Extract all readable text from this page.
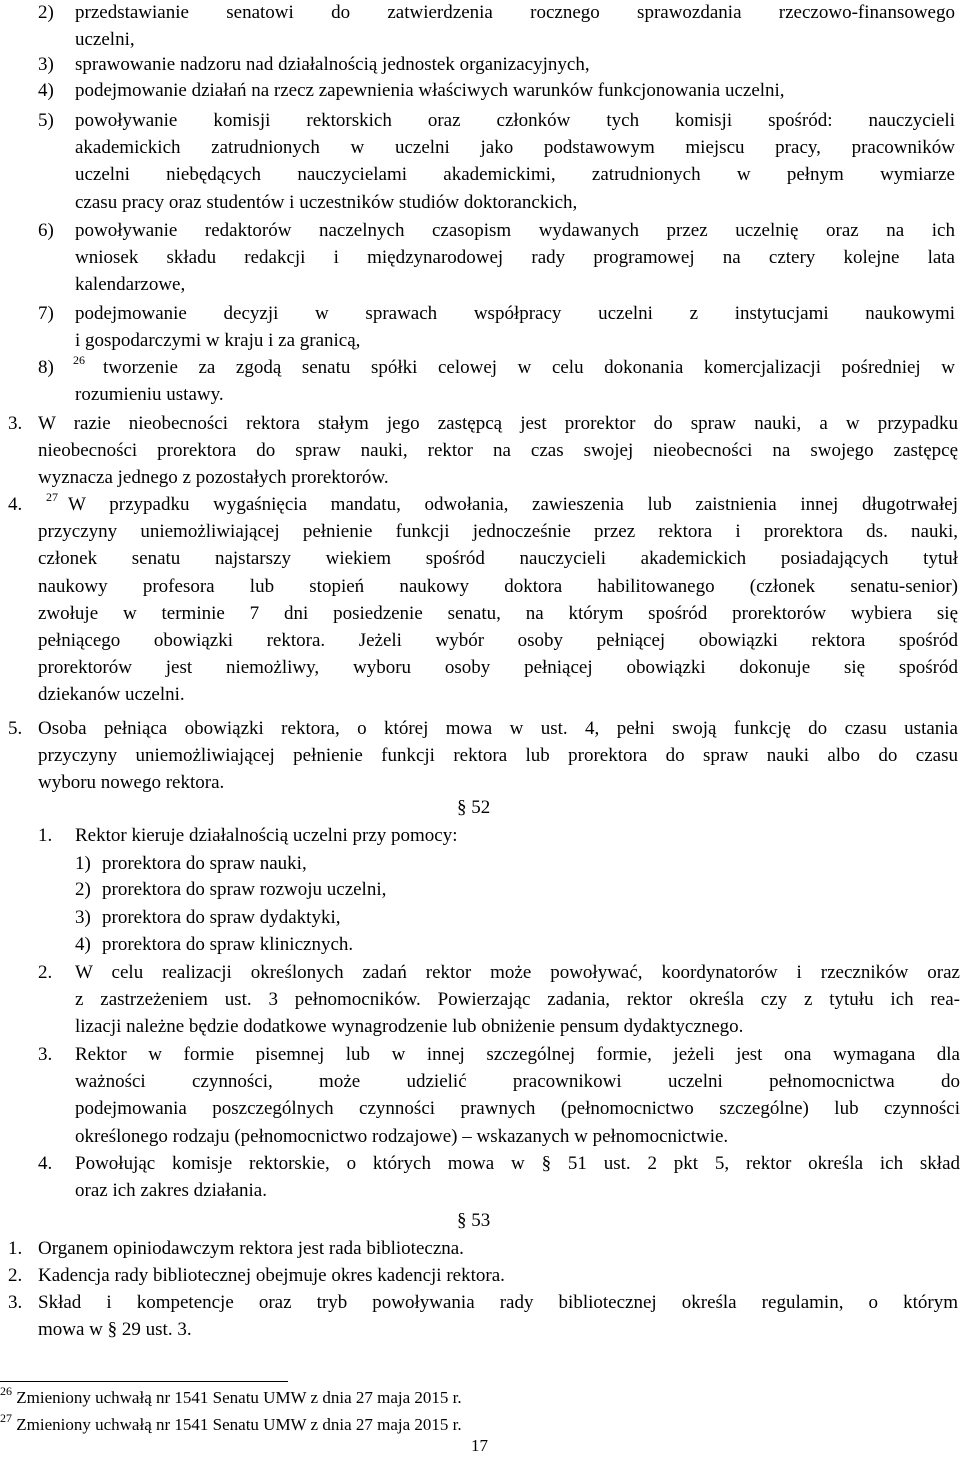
2) przedstawianie senatowi do zatwierdzenia rocznego sprawozdania rzeczowo-finansowego
uczelni,
3) sprawowanie nadzoru nad działalnością jednostek organizacyjnych,
4) podejmowanie działań na rzecz zapewnienia właściwych warunków funkcjonowania uczelni,
5) powoływanie komisji rektorskich oraz członków tych komisji spośród: nauczycieli
akademickich zatrudnionych w uczelni jako podstawowym miejscu pracy, pracowników
uczelni niebędących nauczycielami akademickimi, zatrudnionych w pełnym wymiarze
czasu pracy oraz studentów i uczestników studiów doktoranckich,
6) powoływanie redaktorów naczelnych czasopism wydawanych przez uczelnię oraz na ich
wniosek składu redakcji i międzynarodowej rady programowej na cztery kolejne lata
kalendarzowe,
7) podejmowanie decyzji w sprawach współpracy uczelni z instytucjami naukowymi
i gospodarczymi w kraju i za granicą,
8) 26 tworzenie za zgodą senatu spółki celowej w celu dokonania komercjalizacji pośredniej w
rozumieniu ustawy.
3. W razie nieobecności rektora stałym jego zastępcą jest prorektor do spraw nauki, a w przypadku
nieobecności prorektora do spraw nauki, rektor na czas swojej nieobecności na swojego zastępcę
wyznacza jednego z pozostałych prorektorów.
4. 27 W przypadku wygaśnięcia mandatu, odwołania, zawieszenia lub zaistnienia innej długotrwałej
przyczyny uniemożliwiającej pełnienie funkcji jednocześnie przez rektora i prorektora ds. nauki,
członek senatu najstarszy wiekiem spośród nauczycieli akademickich posiadających tytuł
naukowy profesora lub stopień naukowy doktora habilitowanego (członek senatu-senior)
zwołuje w terminie 7 dni posiedzenie senatu, na którym spośród prorektorów wybiera się
pełniącego obowiązki rektora. Jeżeli wybór osoby pełniącej obowiązki rektora spośród
prorektorów jest niemożliwy, wyboru osoby pełniącej obowiązki dokonuje się spośród
dziekanów uczelni.
5. Osoba pełniąca obowiązki rektora, o której mowa w ust. 4, pełni swoją funkcję do czasu ustania
przyczyny uniemożliwiającej pełnienie funkcji rektora lub prorektora do spraw nauki albo do czasu
wyboru nowego rektora.
§ 52
1. Rektor kieruje działalnością uczelni przy pomocy:
1) prorektora do spraw nauki,
2) prorektora do spraw rozwoju uczelni,
3) prorektora do spraw dydaktyki,
4) prorektora do spraw klinicznych.
2. W celu realizacji określonych zadań rektor może powoływać, koordynatorów i rzeczników oraz
z zastrzeżeniem ust. 3 pełnomocników. Powierzając zadania, rektor określa czy z tytułu ich rea-
lizacji należne będzie dodatkowe wynagrodzenie lub obniżenie pensum dydaktycznego.
3. Rektor w formie pisemnej lub w innej szczególnej formie, jeżeli jest ona wymagana dla
ważności czynności, może udzielić pracownikowi uczelni pełnomocnictwa do
podejmowania poszczególnych czynności prawnych (pełnomocnictwo szczególne) lub czynności
określonego rodzaju (pełnomocnictwo rodzajowe) – wskazanych w pełnomocnictwie.
4. Powołując komisje rektorskie, o których mowa w § 51 ust. 2 pkt 5, rektor określa ich skład
oraz ich zakres działania.
§ 53
1. Organem opiniodawczym rektora jest rada biblioteczna.
2. Kadencja rady bibliotecznej obejmuje okres kadencji rektora.
3. Skład i kompetencje oraz tryb powoływania rady bibliotecznej określa regulamin, o którym
mowa w § 29 ust. 3.
$^{26}$ Zmieniony uchwałą nr 1541 Senatu UMW z dnia 27 maja 2015 r.
$^{27}$ Zmieniony uchwałą nr 1541 Senatu UMW z dnia 27 maja 2015 r.
17
